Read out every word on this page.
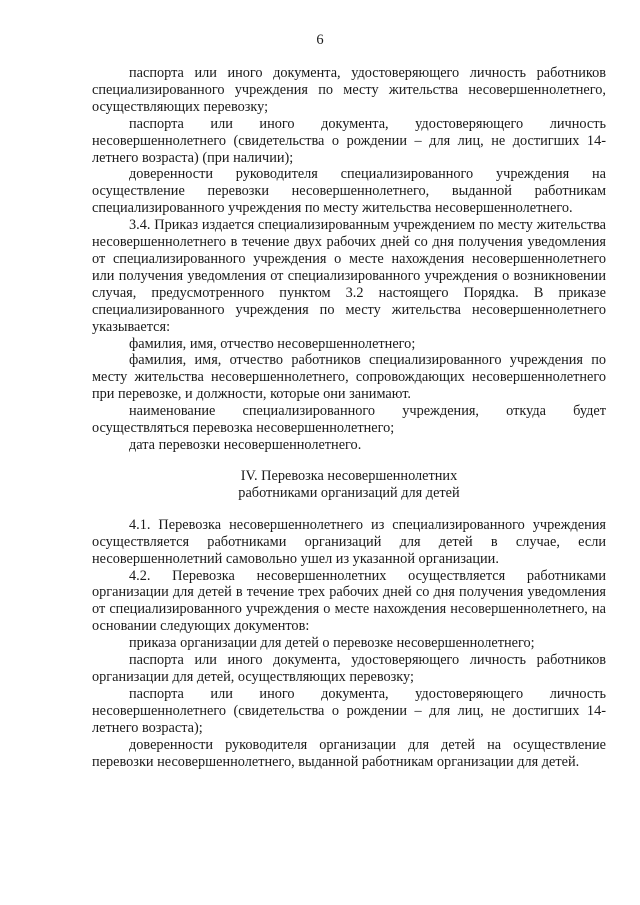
6

паспорта или иного документа, удостоверяющего личность работников специализированного учреждения по месту жительства несовершеннолетнего, осуществляющих перевозку;

паспорта или иного документа, удостоверяющего личность несовершеннолетнего (свидетельства о рождении – для лиц, не достигших 14-летнего возраста) (при наличии);

доверенности руководителя специализированного учреждения на осуществление перевозки несовершеннолетнего, выданной работникам специализированного учреждения по месту жительства несовершеннолетнего.

3.4. Приказ издается специализированным учреждением по месту жительства несовершеннолетнего в течение двух рабочих дней со дня получения уведомления от специализированного учреждения о месте нахождения несовершеннолетнего или получения уведомления от специализированного учреждения о возникновении случая, предусмотренного пунктом 3.2 настоящего Порядка. В приказе специализированного учреждения по месту жительства несовершеннолетнего указывается:

фамилия, имя, отчество несовершеннолетнего;

фамилия, имя, отчество работников специализированного учреждения по месту жительства несовершеннолетнего, сопровождающих несовершеннолетнего при перевозке, и должности, которые они занимают.

наименование специализированного учреждения, откуда будет осуществляться перевозка несовершеннолетнего;

дата перевозки несовершеннолетнего.

IV. Перевозка несовершеннолетних
работниками организаций для детей

4.1. Перевозка несовершеннолетнего из специализированного учреждения осуществляется работниками организаций для детей в случае, если несовершеннолетний самовольно ушел из указанной организации.

4.2. Перевозка несовершеннолетних осуществляется работниками организации для детей в течение трех рабочих дней со дня получения уведомления от специализированного учреждения о месте нахождения несовершеннолетнего, на основании следующих документов:

приказа организации для детей о перевозке несовершеннолетнего;

паспорта или иного документа, удостоверяющего личность работников организации для детей, осуществляющих перевозку;

паспорта или иного документа, удостоверяющего личность несовершеннолетнего (свидетельства о рождении – для лиц, не достигших 14-летнего возраста);

доверенности руководителя организации для детей на осуществление перевозки несовершеннолетнего, выданной работникам организации для детей.
